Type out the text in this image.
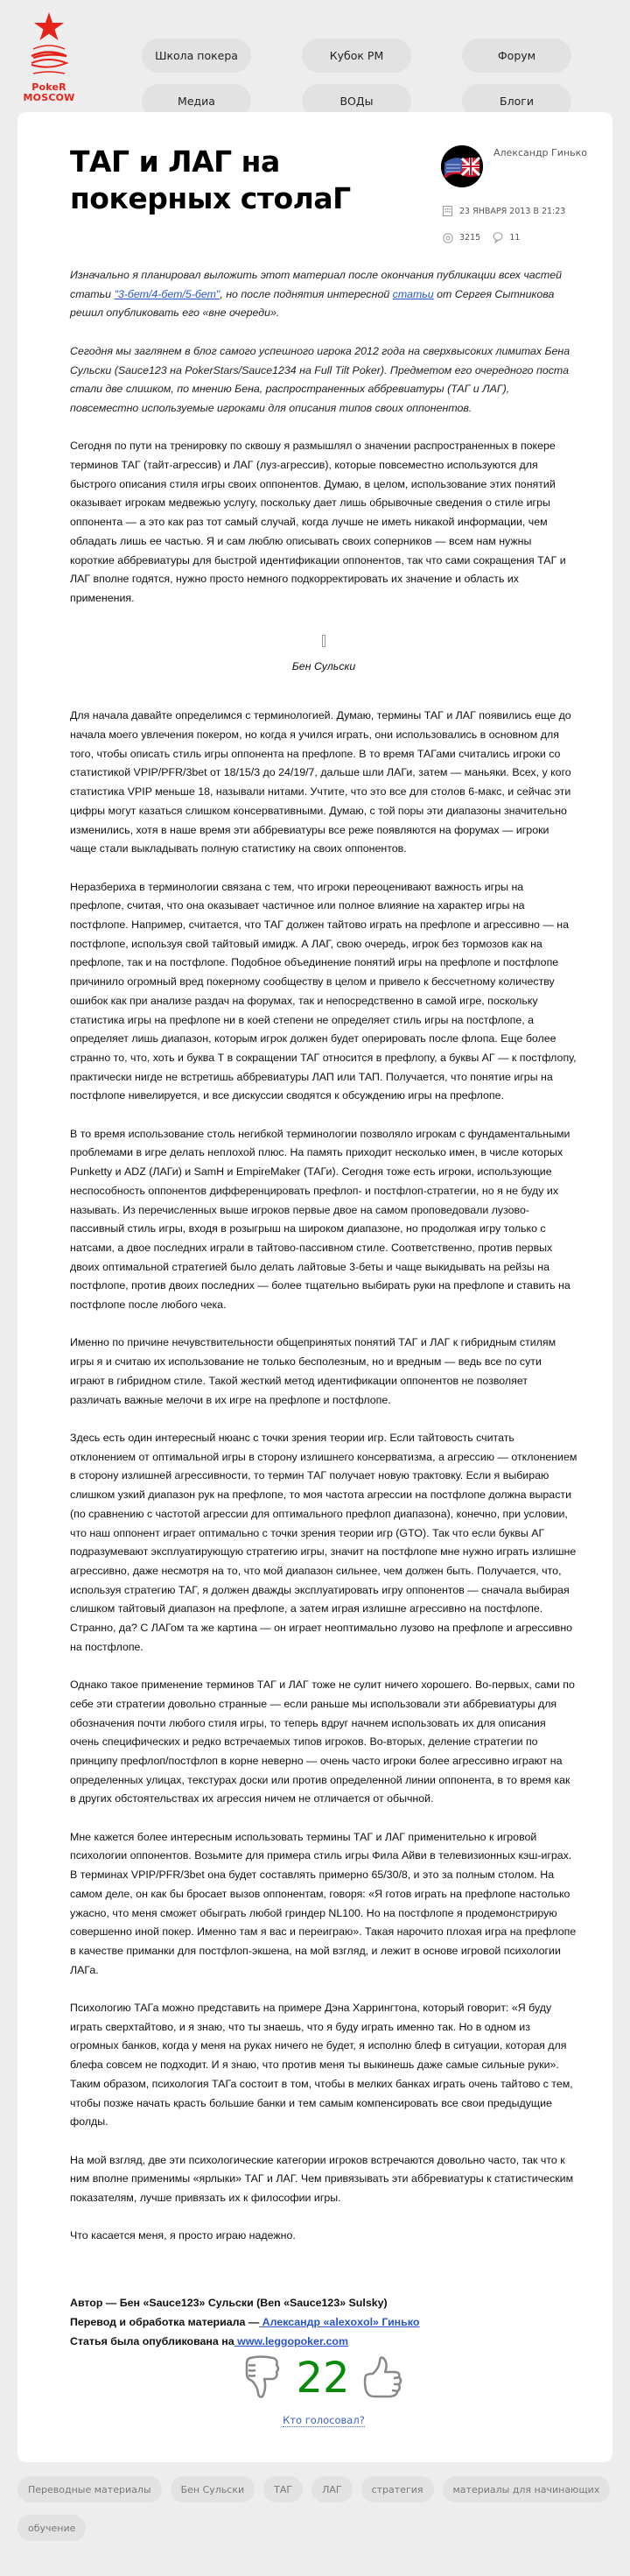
PokeR
MOSCOW
Школа покера	Кубок РМ	Форум
Медиа	ВОДы	Блоги
ТАГ и ЛАГ на покерных столаГ
Александр Гинько
23 ЯНВАРЯ 2013 В 21:23
3215	11

Изначально я планировал выложить этот материал после окончания публикации всех частей статьи "3-бет/4-бет/5-бет", но после поднятия интересной статьи от Сергея Сытникова решил опубликовать его «вне очереди».

Сегодня мы заглянем в блог самого успешного игрока 2012 года на сверхвысоких лимитах Бена Сульски (Sauce123 на PokerStars/Sauce1234 на Full Tilt Poker). Предметом его очередного поста стали две слишком, по мнению Бена, распространенных аббревиатуры (ТАГ и ЛАГ), повсеместно используемые игроками для описания типов своих оппонентов.

Сегодня по пути на тренировку по сквошу я размышлял о значении распространенных в покере терминов ТАГ (тайт-агрессив) и ЛАГ (луз-агрессив), которые повсеместно используются для быстрого описания стиля игры своих оппонентов. Думаю, в целом, использование этих понятий оказывает игрокам медвежью услугу, поскольку дает лишь обрывочные сведения о стиле игры оппонента — а это как раз тот самый случай, когда лучше не иметь никакой информации, чем обладать лишь ее частью. Я и сам люблю описывать своих соперников — всем нам нужны короткие аббревиатуры для быстрой идентификации оппонентов, так что сами сокращения ТАГ и ЛАГ вполне годятся, нужно просто немного подкорректировать их значение и область их применения.

Бен Сульски

Для начала давайте определимся с терминологией. Думаю, термины ТАГ и ЛАГ появились еще до начала моего увлечения покером, но когда я учился играть, они использовались в основном для того, чтобы описать стиль игры оппонента на префлопе. В то время ТАГами считались игроки со статистикой VPIP/PFR/3bet от 18/15/3 до 24/19/7, дальше шли ЛАГи, затем — маньяки. Всех, у кого статистика VPIP меньше 18, называли нитами. Учтите, что это все для столов 6-макс, и сейчас эти цифры могут казаться слишком консервативными. Думаю, с той поры эти диапазоны значительно изменились, хотя в наше время эти аббревиатуры все реже появляются на форумах — игроки чаще стали выкладывать полную статистику на своих оппонентов.

Неразбериха в терминологии связана с тем, что игроки переоценивают важность игры на префлопе, считая, что она оказывает частичное или полное влияние на характер игры на постфлопе. Например, считается, что ТАГ должен тайтово играть на префлопе и агрессивно — на постфлопе, используя свой тайтовый имидж. А ЛАГ, свою очередь, игрок без тормозов как на префлопе, так и на постфлопе. Подобное объединение понятий игры на префлопе и постфлопе причинило огромный вред покерному сообществу в целом и привело к бессчетному количеству ошибок как при анализе раздач на форумах, так и непосредственно в самой игре, поскольку статистика игры на префлопе ни в коей степени не определяет стиль игры на постфлопе, а определяет лишь диапазон, которым игрок должен будет оперировать после флопа. Еще более странно то, что, хоть и буква Т в сокращении ТАГ относится в префлопу, а буквы АГ — к постфлопу, практически нигде не встретишь аббревиатуры ЛАП или ТАП. Получается, что понятие игры на постфлопе нивелируется, и все дискуссии сводятся к обсуждению игры на префлопе.

В то время использование столь негибкой терминологии позволяло игрокам с фундаментальными проблемами в игре делать неплохой плюс. На память приходит несколько имен, в числе которых Punketty и ADZ (ЛАГи) и SamH и EmpireMaker (ТАГи). Сегодня тоже есть игроки, использующие неспособность оппонентов дифференцировать префлоп- и постфлоп-стратегии, но я не буду их называть. Из перечисленных выше игроков первые двое на самом проповедовали лузово-пассивный стиль игры, входя в розыгрыш на широком диапазоне, но продолжая игру только с натсами, а двое последних играли в тайтово-пассивном стиле. Соответственно, против первых двоих оптимальной стратегией было делать лайтовые 3-беты и чаще выкидывать на рейзы на постфлопе, против двоих последних — более тщательно выбирать руки на префлопе и ставить на постфлопе после любого чека.

Именно по причине нечувствительности общепринятых понятий ТАГ и ЛАГ к гибридным стилям игры я и считаю их использование не только бесполезным, но и вредным — ведь все по сути играют в гибридном стиле. Такой жесткий метод идентификации оппонентов не позволяет различать важные мелочи в их игре на префлопе и постфлопе.

Здесь есть один интересный нюанс с точки зрения теории игр. Если тайтовость считать отклонением от оптимальной игры в сторону излишнего консерватизма, а агрессию — отклонением в сторону излишней агрессивности, то термин ТАГ получает новую трактовку. Если я выбираю слишком узкий диапазон рук на префлопе, то моя частота агрессии на постфлопе должна вырасти (по сравнению с частотой агрессии для оптимального префлоп диапазона), конечно, при условии, что наш оппонент играет оптимально с точки зрения теории игр (GTO). Так что если буквы АГ подразумевают эксплуатирующую стратегию игры, значит на постфлопе мне нужно играть излишне агрессивно, даже несмотря на то, что мой диапазон сильнее, чем должен быть. Получается, что, используя стратегию ТАГ, я должен дважды эксплуатировать игру оппонентов — сначала выбирая слишком тайтовый диапазон на префлопе, а затем играя излишне агрессивно на постфлопе. Странно, да? С ЛАГом та же картина — он играет неоптимально лузово на префлопе и агрессивно на постфлопе.

Однако такое применение терминов ТАГ и ЛАГ тоже не сулит ничего хорошего. Во-первых, сами по себе эти стратегии довольно странные — если раньше мы использовали эти аббревиатуры для обозначения почти любого стиля игры, то теперь вдруг начнем использовать их для описания очень специфических и редко встречаемых типов игроков. Во-вторых, деление стратегии по принципу префлоп/постфлоп в корне неверно — очень часто игроки более агрессивно играют на определенных улицах, текстурах доски или против определенной линии оппонента, в то время как в других обстоятельствах их агрессия ничем не отличается от обычной.

Мне кажется более интересным использовать термины ТАГ и ЛАГ применительно к игровой психологии оппонентов. Возьмите для примера стиль игры Фила Айви в телевизионных кэш-играх. В терминах VPIP/PFR/3bet она будет составлять примерно 65/30/8, и это за полным столом. На самом деле, он как бы бросает вызов оппонентам, говоря: «Я готов играть на префлопе настолько ужасно, что меня сможет обыграть любой гриндер NL100. Но на постфлопе я продемонстрирую совершенно иной покер. Именно там я вас и переиграю». Такая нарочито плохая игра на префлопе в качестве приманки для постфлоп-экшена, на мой взгляд, и лежит в основе игровой психологии ЛАГа.

Психологию ТАГа можно представить на примере Дэна Харрингтона, который говорит: «Я буду играть сверхтайтово, и я знаю, что ты знаешь, что я буду играть именно так. Но в одном из огромных банков, когда у меня на руках ничего не будет, я исполню блеф в ситуации, которая для блефа совсем не подходит. И я знаю, что против меня ты выкинешь даже самые сильные руки». Таким образом, психология ТАГа состоит в том, чтобы в мелких банках играть очень тайтово с тем, чтобы позже начать красть большие банки и тем самым компенсировать все свои предыдущие фолды.

На мой взгляд, две эти психологические категории игроков встречаются довольно часто, так что к ним вполне применимы «ярлыки» ТАГ и ЛАГ. Чем привязывать эти аббревиатуры к статистическим показателям, лучше привязать их к философии игры.

Что касается меня, я просто играю надежно.

Автор — Бен «Sauce123» Сульски (Ben «Sauce123» Sulsky)
Перевод и обработка материала — Александр «alexoxol» Гинько
Статья была опубликована на www.leggopoker.com
22
Кто голосовал?
Переводные материалы	Бен Сульски	ТАГ	ЛАГ	стратегия	материалы для начинающих
обучение
